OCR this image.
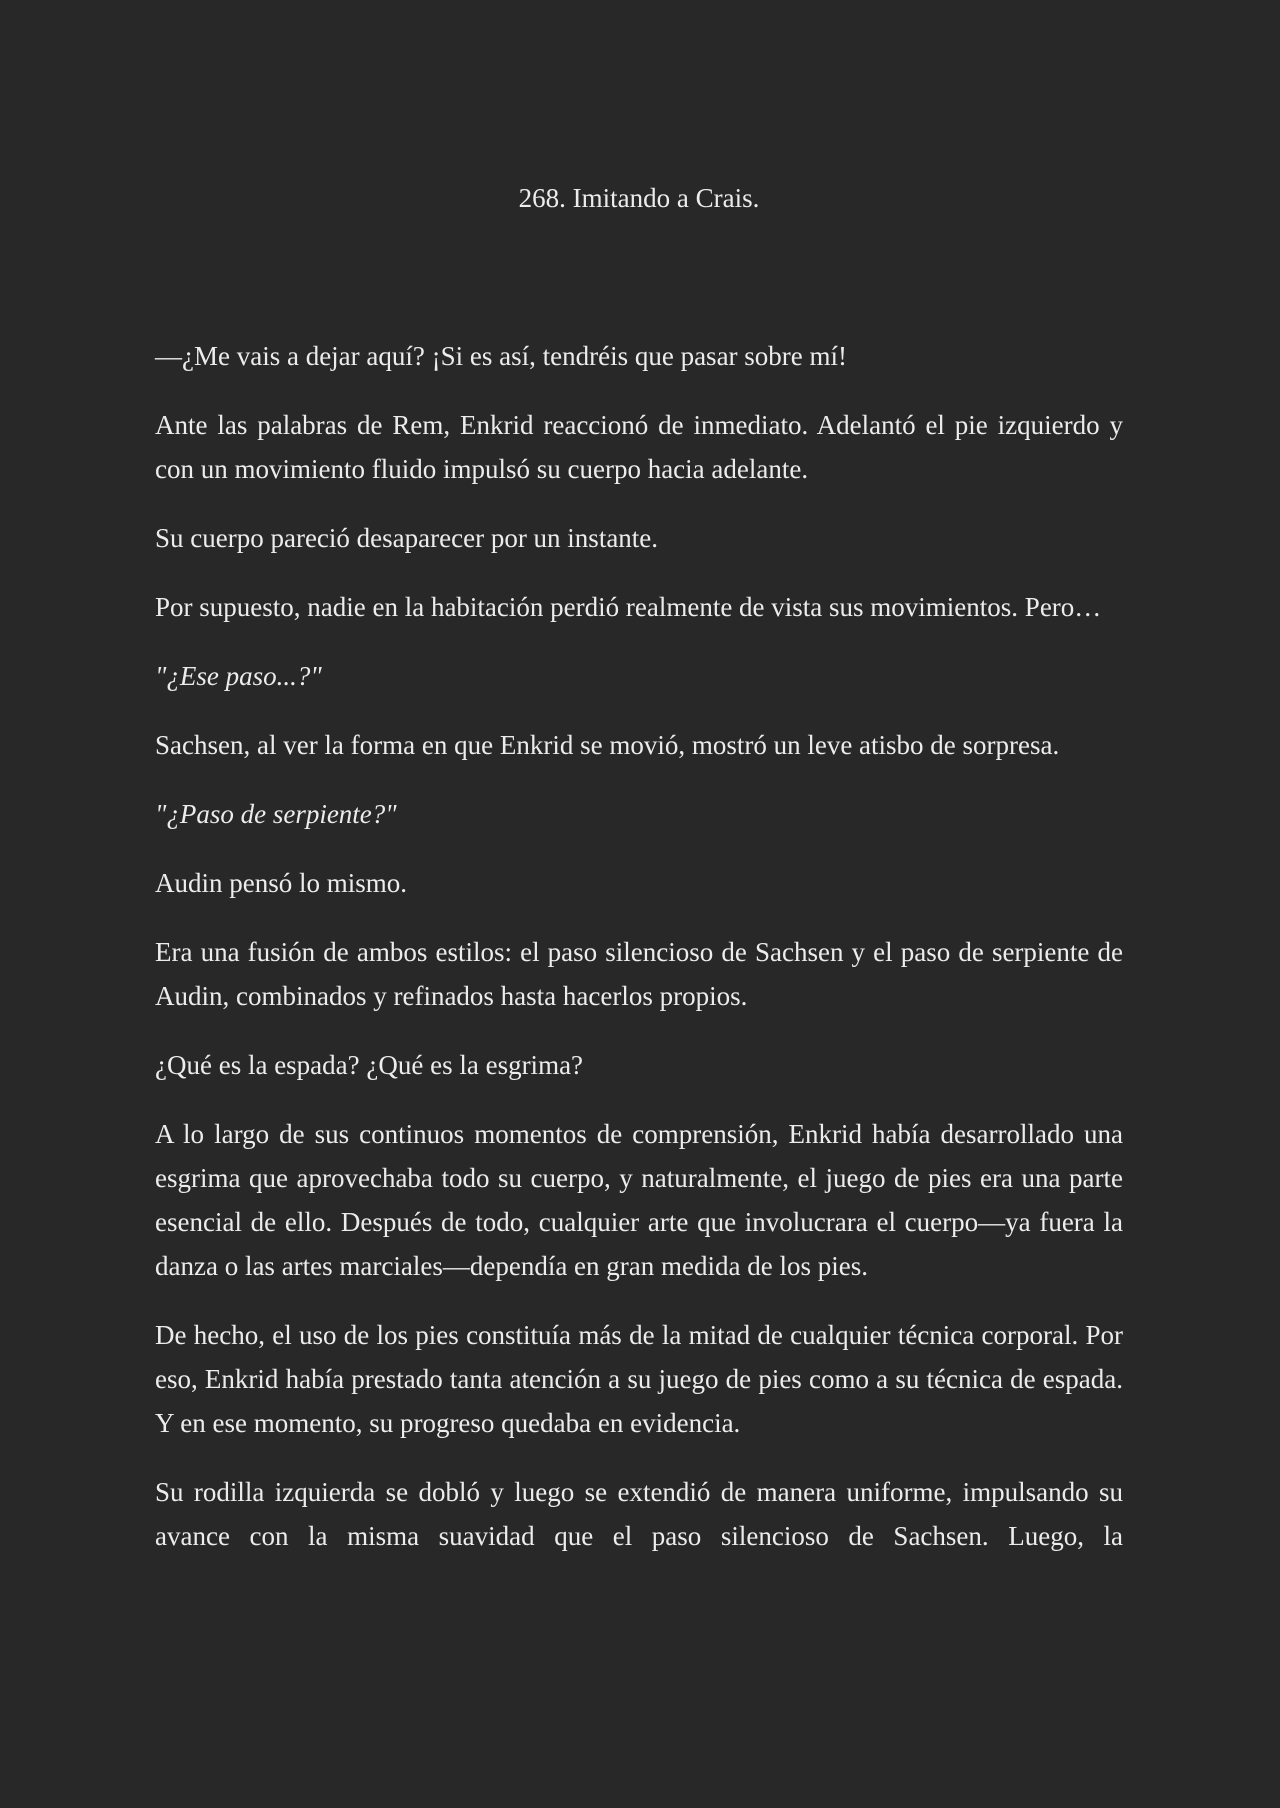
268. Imitando a Crais.

—¿Me vais a dejar aquí? ¡Si es así, tendréis que pasar sobre mí!

Ante las palabras de Rem, Enkrid reaccionó de inmediato. Adelantó el pie izquierdo y con un movimiento fluido impulsó su cuerpo hacia adelante.

Su cuerpo pareció desaparecer por un instante.

Por supuesto, nadie en la habitación perdió realmente de vista sus movimientos. Pero…

"¿Ese paso...?"

Sachsen, al ver la forma en que Enkrid se movió, mostró un leve atisbo de sorpresa.

"¿Paso de serpiente?"

Audin pensó lo mismo.

Era una fusión de ambos estilos: el paso silencioso de Sachsen y el paso de serpiente de Audin, combinados y refinados hasta hacerlos propios.

¿Qué es la espada? ¿Qué es la esgrima?

A lo largo de sus continuos momentos de comprensión, Enkrid había desarrollado una esgrima que aprovechaba todo su cuerpo, y naturalmente, el juego de pies era una parte esencial de ello. Después de todo, cualquier arte que involucrara el cuerpo—ya fuera la danza o las artes marciales—dependía en gran medida de los pies.

De hecho, el uso de los pies constituía más de la mitad de cualquier técnica corporal. Por eso, Enkrid había prestado tanta atención a su juego de pies como a su técnica de espada. Y en ese momento, su progreso quedaba en evidencia.

Su rodilla izquierda se dobló y luego se extendió de manera uniforme, impulsando su avance con la misma suavidad que el paso silencioso de Sachsen. Luego, la
